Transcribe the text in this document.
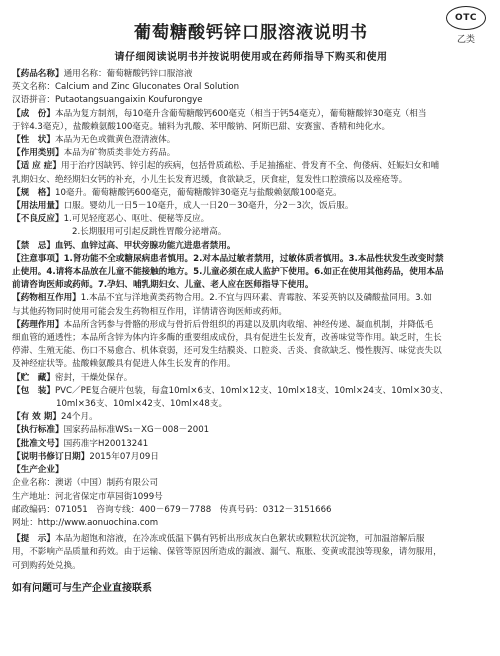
OTC
乙类
葡萄糖酸钙锌口服溶液说明书
请仔细阅读说明书并按说明使用或在药师指导下购买和使用
【药品名称】通用名称：葡萄糖酸钙锌口服溶液
英文名称：Calcium and Zinc Gluconates Oral Solution
汉语拼音：Putaotangsuangaixin Koufurongye
【成　份】本品为复方制剂，每10毫升含葡萄糖酸钙600毫克（相当于钙54毫克），葡萄糖酸锌30毫克（相当
于锌4.3毫克），盐酸赖氨酸100毫克。辅料为乳酸、苯甲酸钠、阿斯巴甜、安赛蜜、香精和纯化水。
【性　状】本品为无色或微黄色澄清液体。
【作用类别】本品为矿物质类非处方药品。
【适 应 症】用于治疗因缺钙、锌引起的疾病，包括骨质疏松、手足抽搐症、骨发育不全、佝偻病、妊娠妇女和哺
乳期妇女、绝经期妇女钙的补充，小儿生长发育迟缓，食欲缺乏，厌食症，复发性口腔溃疡以及痤疮等。
【规　格】10毫升。葡萄糖酸钙600毫克，葡萄糖酸锌30毫克与盐酸赖氨酸100毫克。
【用法用量】口服。婴幼儿一日5－10毫升，成人一日20－30毫升，分2－3次，饭后服。
【不良反应】1.可见轻度恶心、呕吐、便秘等反应。
2.长期服用可引起反跳性胃酸分泌增高。
【禁　忌】血钙、血锌过高、甲状旁腺功能亢进患者禁用。
【注意事项】1.肾功能不全或糖尿病患者慎用。2.对本品过敏者禁用，过敏体质者慎用。3.本品性状发生改变时禁
止使用。4.请将本品放在儿童不能接触的地方。5.儿童必须在成人监护下使用。6.如正在使用其他药品，使用本品
前请咨询医师或药师。7.孕妇、哺乳期妇女、儿童、老人应在医师指导下使用。
【药物相互作用】1.本品不宜与洋地黄类药物合用。2.不宜与四环素、青霉胺、苯妥英钠以及磷酸盐同用。3.如
与其他药物同时使用可能会发生药物相互作用，详情请咨询医师或药师。
【药理作用】本品所含钙参与骨骼的形成与骨折后骨组织的再建以及肌肉收缩、神经传递、凝血机制，并降低毛
细血管的通透性；本品所含锌为体内许多酶的重要组成成份，具有促进生长发育，改善味觉等作用。缺乏时，生长
停滞、生殖无能、伤口不易愈合、机体衰弱，还可发生结膜炎、口腔炎、舌炎、食欲缺乏、慢性腹泻、味觉丧失以
及神经症状等。盐酸赖氨酸具有促进人体生长发育的作用。
【贮　藏】密封，干燥处保存。
【包　装】PVC／PE复合硬片包装，每盒10ml×6支、10ml×12支、10ml×18支、10ml×24支、10ml×30支、
10ml×36支、10ml×42支、10ml×48支。
【有 效 期】24个月。
【执行标准】国家药品标准WS₁－XG－008－2001
【批准文号】国药准字H20013241
【说明书修订日期】2015年07月09日
【生产企业】
企业名称：澳诺（中国）制药有限公司
生产地址：河北省保定市草园街1099号
邮政编码：071051　咨询专线：400－679－7788　传真号码：0312－3151666
网址：http://www.aonuochina.com
【提　示】本品为超饱和溶液，在冷冻或低温下偶有钙析出形成灰白色絮状或颗粒状沉淀物，可加温溶解后服
用，不影响产品质量和药效。由于运输、保管等原因所造成的漏液、漏气、瓶胀、变黄或混浊等现象，请勿服用，
可到购药处兑换。
如有问题可与生产企业直接联系
